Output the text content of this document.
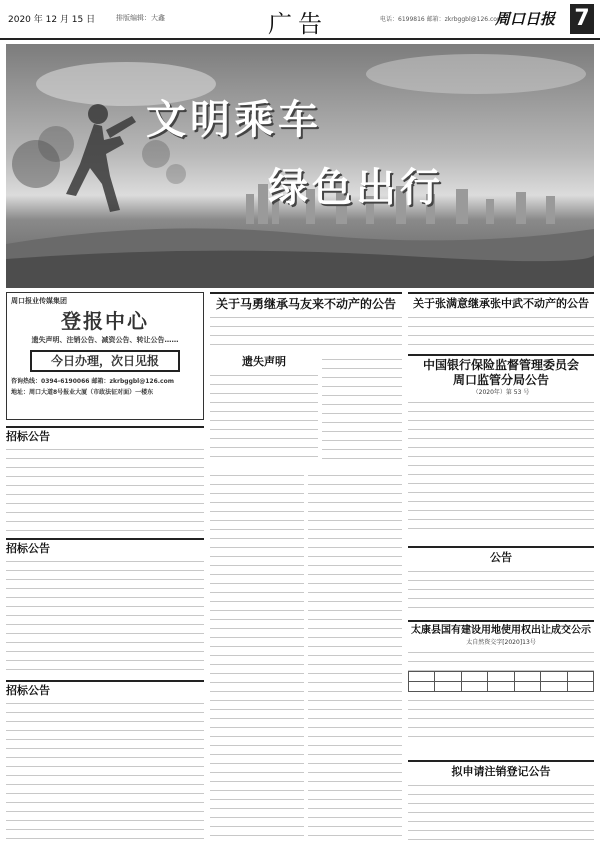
2020 年 12 月 15 日	排版编辑：大鑫	广告	电话：6199816 邮箱：zkrbggbl@126.com
周口日报 7
文明乘车
绿色出行
周口报业传媒集团
登报中心
遗失声明、注销公告、减资公告、转让公告……
今日办理，次日见报
咨询热线：0394-6190066 邮箱：zkrbggbl@126.com
地址：周口大道8号报业大厦（市政法征对面）一楼东
招标公告
招标公告
招标公告
关于马勇继承马友来不动产的公告
遗失声明
关于张满意继承张中武不动产的公告
中国银行保险监督管理委员会
周口监管分局公告
（2020年）第 53 号
公告
太康县国有建设用地使用权出让成交公示
太自然资交字[2020]13号

拟申请注销登记公告
